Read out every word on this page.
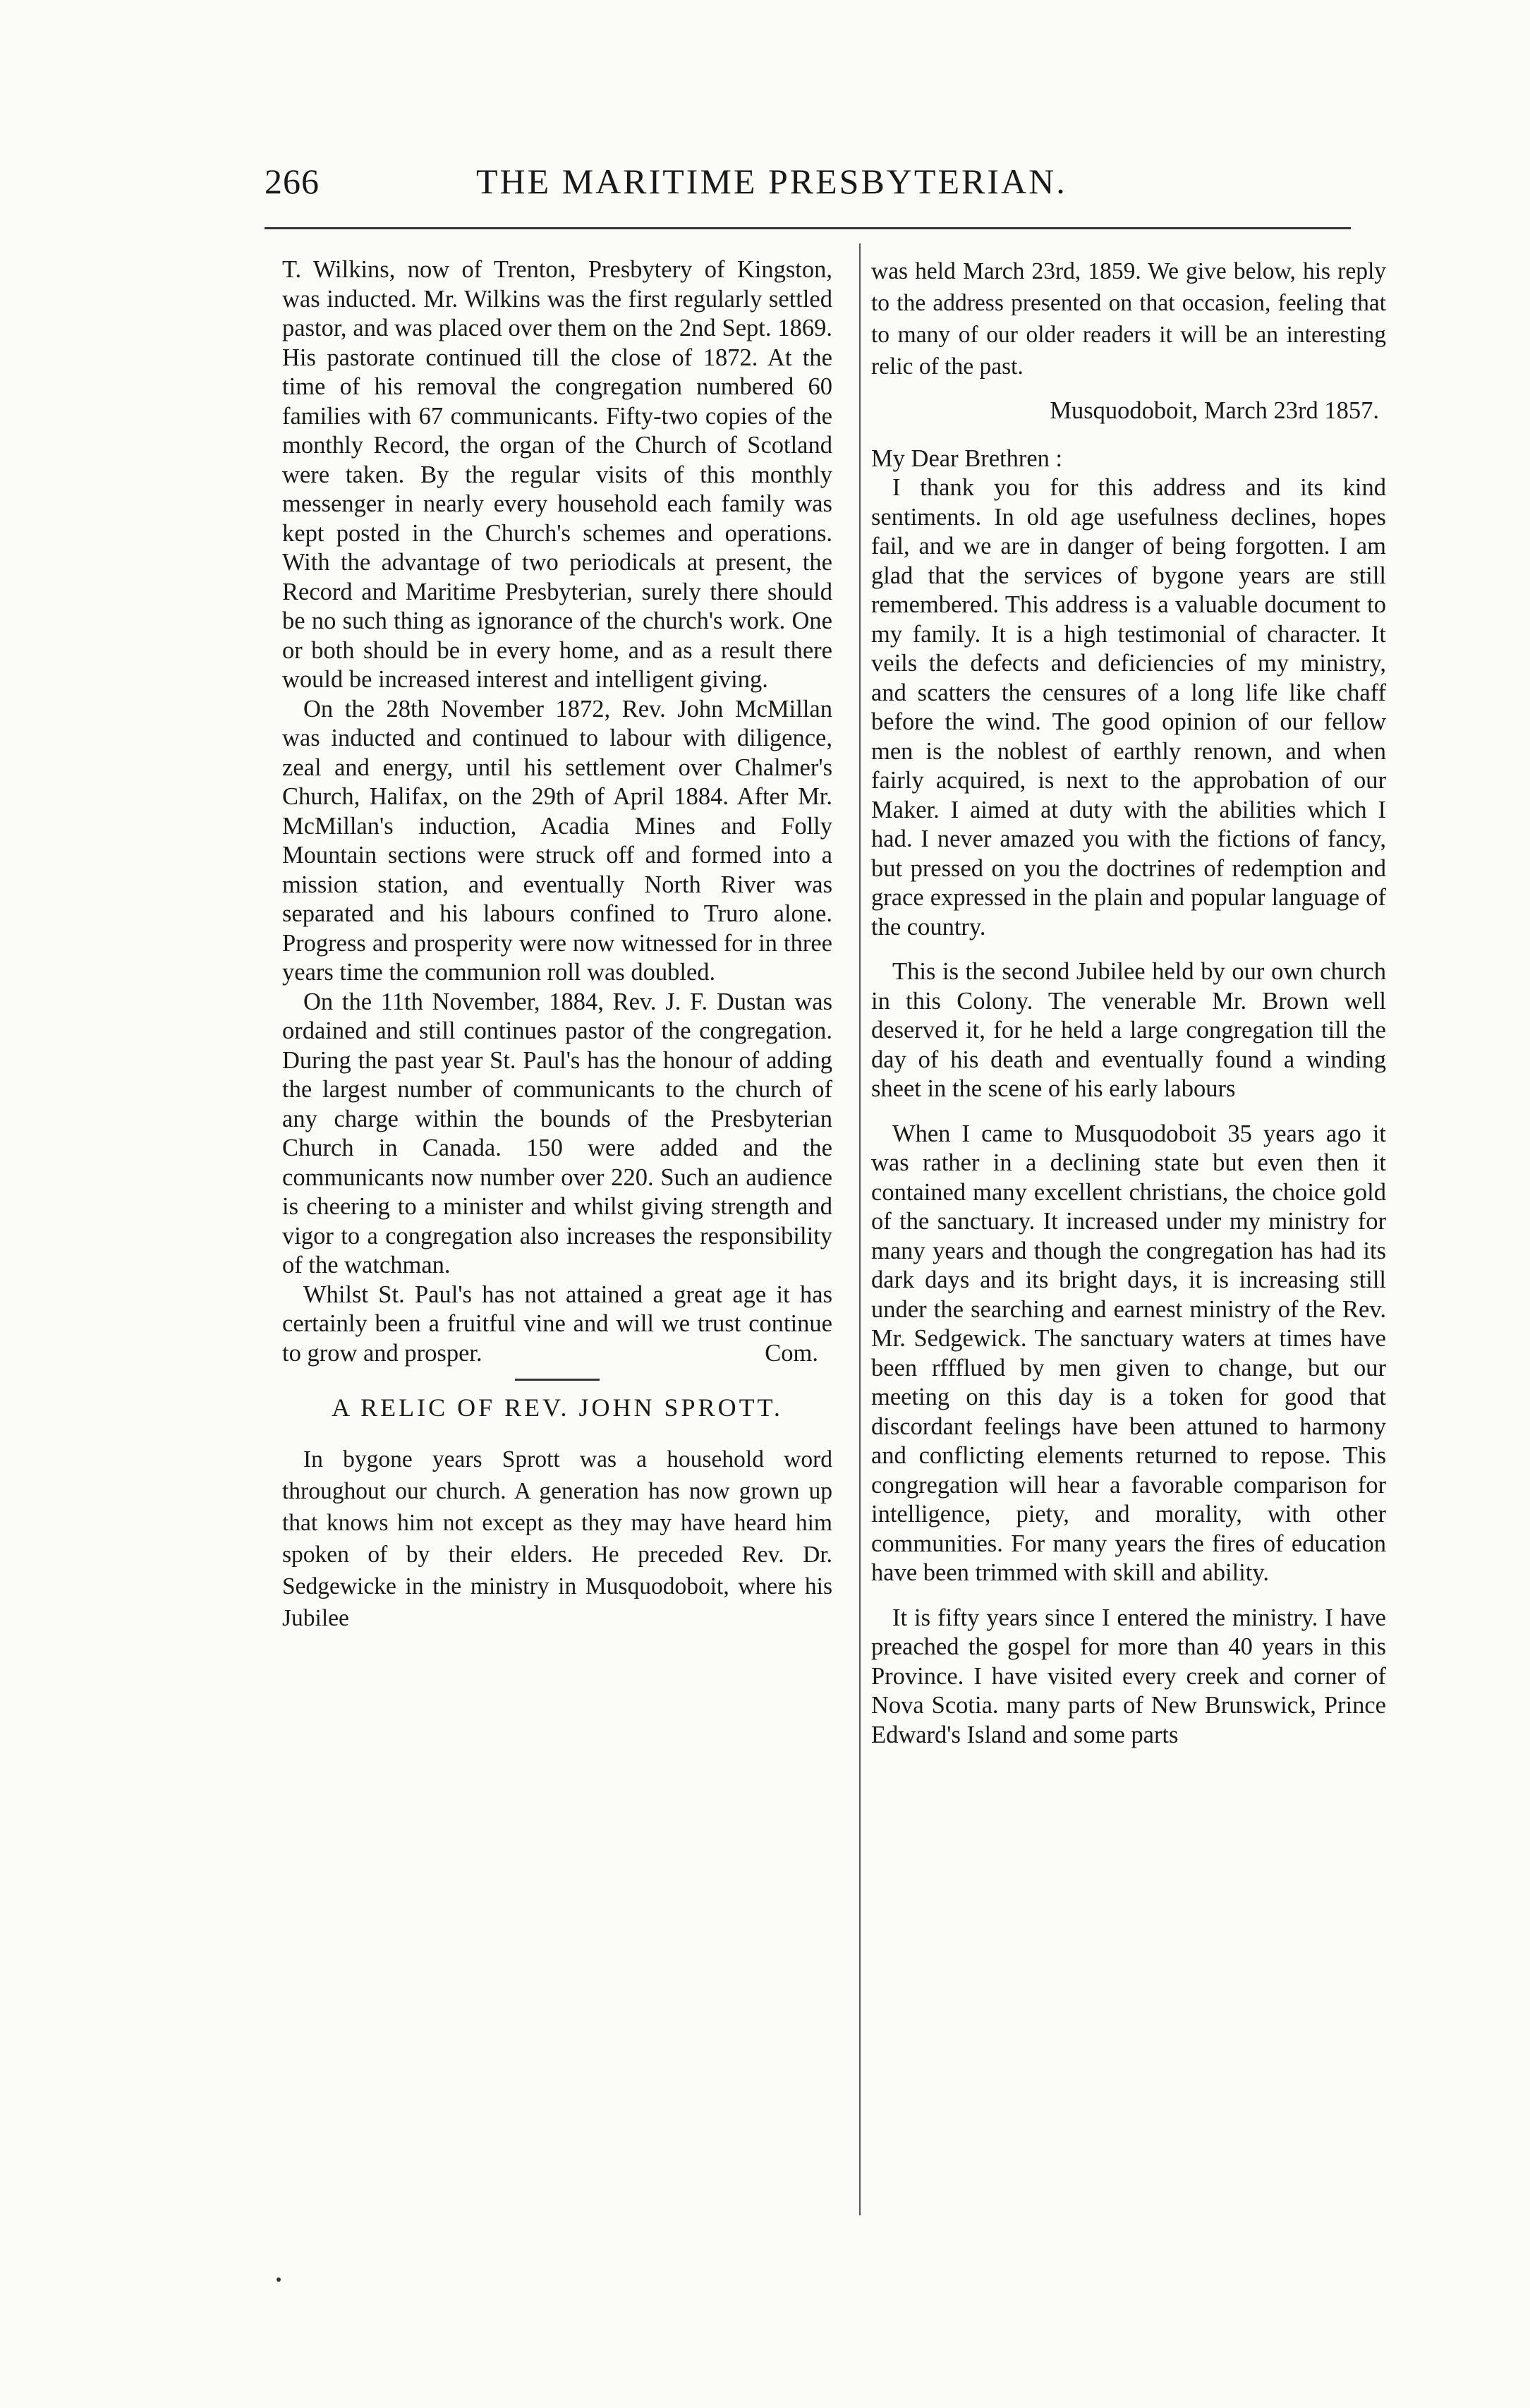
266	THE MARITIME PRESBYTERIAN.

T. Wilkins, now of Trenton, Presbytery of Kingston, was inducted. Mr. Wilkins was the first regularly settled pastor, and was placed over them on the 2nd Sept. 1869. His pastorate continued till the close of 1872. At the time of his removal the congregation numbered 60 families with 67 communicants. Fifty-two copies of the monthly Record, the organ of the Church of Scotland were taken. By the regular visits of this monthly messenger in nearly every household each family was kept posted in the Church's schemes and operations. With the advantage of two periodicals at present, the Record and Maritime Presbyterian, surely there should be no such thing as ignorance of the church's work. One or both should be in every home, and as a result there would be increased interest and intelligent giving.

On the 28th November 1872, Rev. John McMillan was inducted and continued to labour with diligence, zeal and energy, until his settlement over Chalmer's Church, Halifax, on the 29th of April 1884. After Mr. McMillan's induction, Acadia Mines and Folly Mountain sections were struck off and formed into a mission station, and eventually North River was separated and his labours confined to Truro alone. Progress and prosperity were now witnessed for in three years time the communion roll was doubled.

On the 11th November, 1884, Rev. J. F. Dustan was ordained and still continues pastor of the congregation. During the past year St. Paul's has the honour of adding the largest number of communicants to the church of any charge within the bounds of the Presbyterian Church in Canada. 150 were added and the communicants now number over 220. Such an audience is cheering to a minister and whilst giving strength and vigor to a congregation also increases the responsibility of the watchman.

Whilst St. Paul's has not attained a great age it has certainly been a fruitful vine and will we trust continue to grow and prosper.	Com.
A RELIC OF REV. JOHN SPROTT.

In bygone years Sprott was a household word throughout our church. A generation has now grown up that knows him not except as they may have heard him spoken of by their elders. He preceded Rev. Dr. Sedgewicke in the ministry in Musquodoboit, where his Jubilee

was held March 23rd, 1859. We give below, his reply to the address presented on that occasion, feeling that to many of our older readers it will be an interesting relic of the past.

Musquodoboit, March 23rd 1857.

My Dear Brethren :

I thank you for this address and its kind sentiments. In old age usefulness declines, hopes fail, and we are in danger of being forgotten. I am glad that the services of bygone years are still remembered. This address is a valuable document to my family. It is a high testimonial of character. It veils the defects and deficiencies of my ministry, and scatters the censures of a long life like chaff before the wind. The good opinion of our fellow men is the noblest of earthly renown, and when fairly acquired, is next to the approbation of our Maker. I aimed at duty with the abilities which I had. I never amazed you with the fictions of fancy, but pressed on you the doctrines of redemption and grace expressed in the plain and popular language of the country.

This is the second Jubilee held by our own church in this Colony. The venerable Mr. Brown well deserved it, for he held a large congregation till the day of his death and eventually found a winding sheet in the scene of his early labours

When I came to Musquodoboit 35 years ago it was rather in a declining state but even then it contained many excellent christians, the choice gold of the sanctuary. It increased under my ministry for many years and though the congregation has had its dark days and its bright days, it is increasing still under the searching and earnest ministry of the Rev. Mr. Sedgewick. The sanctuary waters at times have been rffflued by men given to change, but our meeting on this day is a token for good that discordant feelings have been attuned to harmony and conflicting elements returned to repose. This congregation will hear a favorable comparison for intelligence, piety, and morality, with other communities. For many years the fires of education have been trimmed with skill and ability.

It is fifty years since I entered the ministry. I have preached the gospel for more than 40 years in this Province. I have visited every creek and corner of Nova Scotia. many parts of New Brunswick, Prince Edward's Island and some parts
